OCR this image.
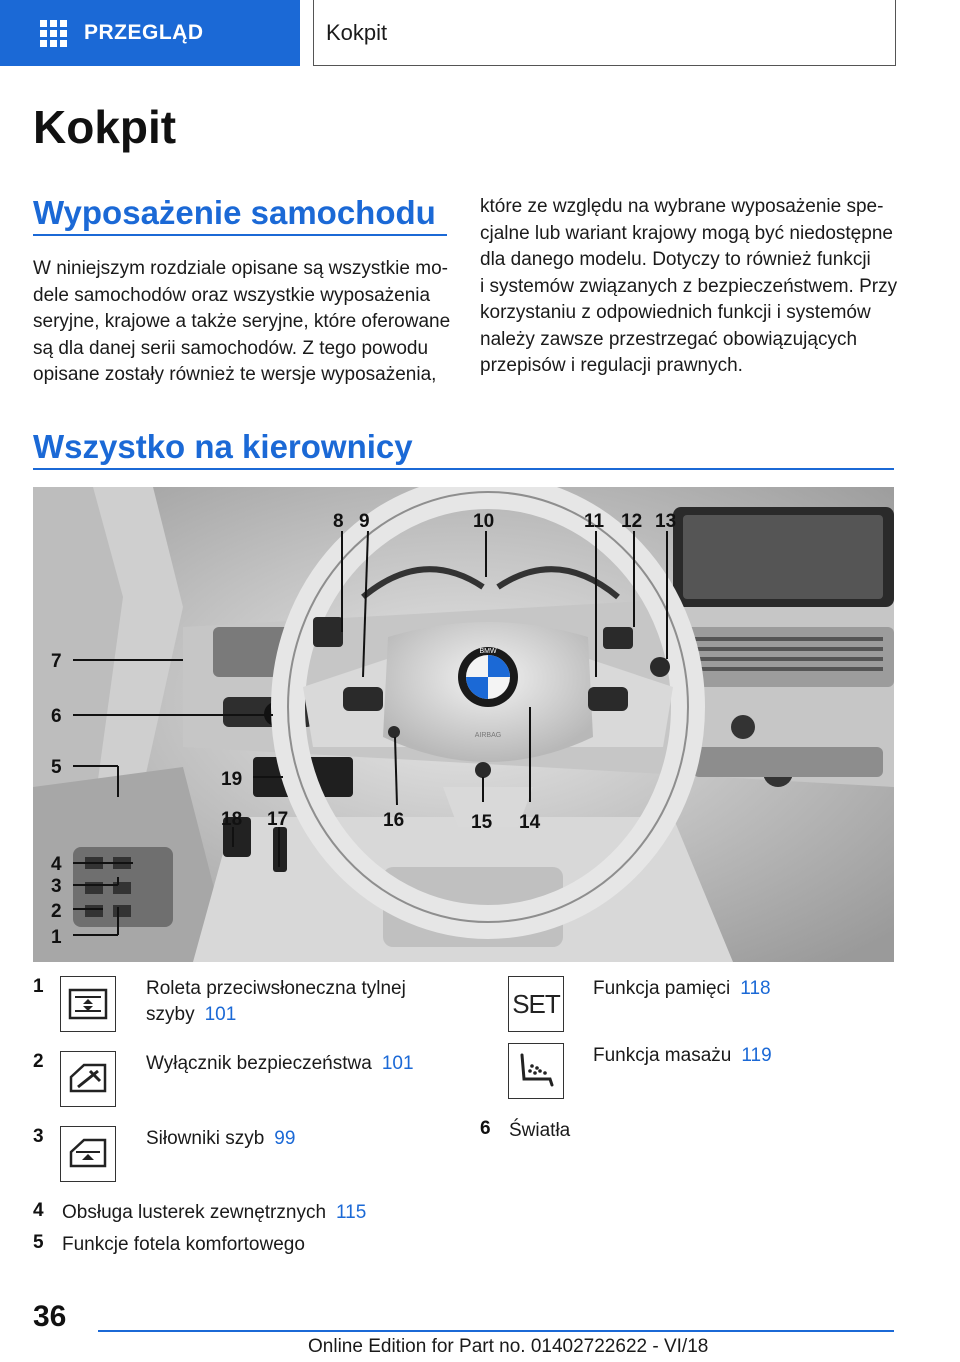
PRZEGLĄD	Kokpit
Kokpit
Wyposażenie samochodu
W niniejszym rozdziale opisane są wszystkie mo‐
dele samochodów oraz wszystkie wyposażenia
seryjne, krajowe a także seryjne, które oferowane
są dla danej serii samochodów. Z tego powodu
opisane zostały również te wersje wyposażenia,
które ze względu na wybrane wyposażenie spe‐
cjalne lub wariant krajowy mogą być niedostępne
dla danego modelu. Dotyczy to również funkcji
i systemów związanych z bezpieczeństwem. Przy
korzystaniu z odpowiednich funkcji i systemów
należy zawsze przestrzegać obowiązujących
przepisów i regulacji prawnych.
Wszystko na kierownicy
BMW
AIRBAG
8 9	10	11 12 13
7
6
5
19
18 17	16	15 14
4
3
2
1
1	Roleta przeciwsłoneczna tylnej
szyby 101
2	Wyłącznik bezpieczeństwa 101
3	Siłowniki szyb 99
4 Obsługa lusterek zewnętrznych 115
5 Funkcje fotela komfortowego
SET Funkcja pamięci 118
Funkcja masażu 119
6 Światła
36
Online Edition for Part no. 01402722622 - VI/18
